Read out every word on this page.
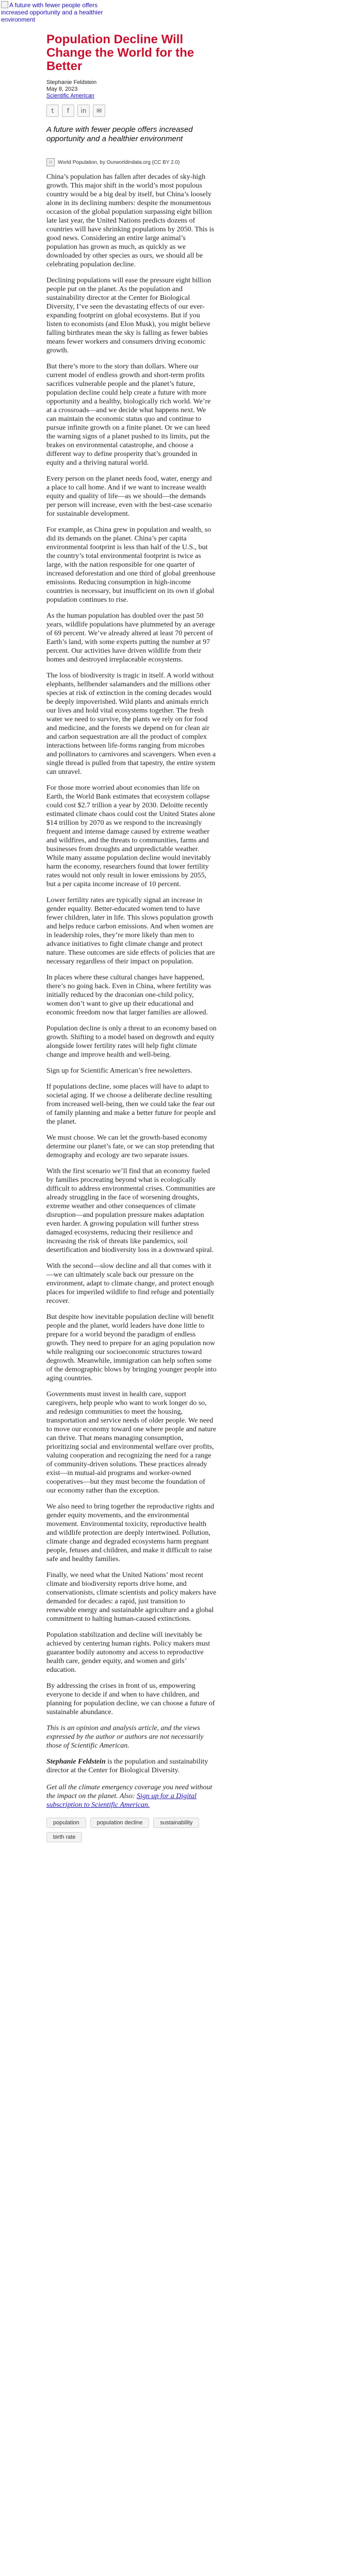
A future with fewer people offers increased opportunity and a healthier environment
Population Decline Will Change the World for the Better
Stephanie Feldstein
May 8, 2023
Scientific American
t	f	in	✉
A future with fewer people offers increased opportunity and a healthier environment
▫	World Population, by Ourworldindata.org (CC BY 2.0)

China’s population has fallen after decades of sky-high growth. This major shift in the world’s most populous country would be a big deal by itself, but China’s loosely alone in its declining numbers: despite the monumentous occasion of the global population surpassing eight billion late last year, the United Nations predicts dozens of countries will have shrinking populations by 2050. This is good news. Considering an entire large animal’s population has grown as much, as quickly as we downloaded by other species as ours, we should all be celebrating population decline.

Declining populations will ease the pressure eight billion people put on the planet. As the population and sustainability director at the Center for Biological Diversity, I’ve seen the devastating effects of our ever-expanding footprint on global ecosystems. But if you listen to economists (and Elon Musk), you might believe falling birthrates mean the sky is falling as fewer babies means fewer workers and consumers driving economic growth.

But there’s more to the story than dollars. Where our current model of endless growth and short-term profits sacrifices vulnerable people and the planet’s future, population decline could help create a future with more opportunity and a healthy, biologically rich world. We’re at a crossroads—and we decide what happens next. We can maintain the economic status quo and continue to pursue infinite growth on a finite planet. Or we can heed the warning signs of a planet pushed to its limits, put the brakes on environmental catastrophe, and choose a different way to define prosperity that’s grounded in equity and a thriving natural world.

Every person on the planet needs food, water, energy and a place to call home. And if we want to increase wealth equity and quality of life—as we should—the demands per person will increase, even with the best-case scenario for sustainable development.

For example, as China grew in population and wealth, so did its demands on the planet. China’s per capita environmental footprint is less than half of the U.S., but the country’s total environmental footprint is twice as large, with the nation responsible for one quarter of increased deforestation and one third of global greenhouse emissions. Reducing consumption in high-income countries is necessary, but insufficient on its own if global population continues to rise.

As the human population has doubled over the past 50 years, wildlife populations have plummeted by an average of 69 percent. We’ve already altered at least 70 percent of Earth’s land, with some experts putting the number at 97 percent. Our activities have driven wildlife from their homes and destroyed irreplaceable ecosystems.

The loss of biodiversity is tragic in itself. A world without elephants, hellbender salamanders and the millions other species at risk of extinction in the coming decades would be deeply impoverished. Wild plants and animals enrich our lives and hold vital ecosystems together. The fresh water we need to survive, the plants we rely on for food and medicine, and the forests we depend on for clean air and carbon sequestration are all the product of complex interactions between life-forms ranging from microbes and pollinators to carnivores and scavengers. When even a single thread is pulled from that tapestry, the entire system can unravel.

For those more worried about economies than life on Earth, the World Bank estimates that ecosystem collapse could cost $2.7 trillion a year by 2030. Deloitte recently estimated climate chaos could cost the United States alone $14 trillion by 2070 as we respond to the increasingly frequent and intense damage caused by extreme weather and wildfires, and the threats to communities, farms and businesses from droughts and unpredictable weather. While many assume population decline would inevitably harm the economy, researchers found that lower fertility rates would not only result in lower emissions by 2055, but a per capita income increase of 10 percent.

Lower fertility rates are typically signal an increase in gender equality. Better-educated women tend to have fewer children, later in life. This slows population growth and helps reduce carbon emissions. And when women are in leadership roles, they’re more likely than men to advance initiatives to fight climate change and protect nature. These outcomes are side effects of policies that are necessary regardless of their impact on population.

In places where these cultural changes have happened, there’s no going back. Even in China, where fertility was initially reduced by the draconian one-child policy, women don’t want to give up their educational and economic freedom now that larger families are allowed.

Population decline is only a threat to an economy based on growth. Shifting to a model based on degrowth and equity alongside lower fertility rates will help fight climate change and improve health and well-being.

Sign up for Scientific American’s free newsletters.

If populations decline, some places will have to adapt to societal aging. If we choose a deliberate decline resulting from increased well-being, then we could take the fear out of family planning and make a better future for people and the planet.

We must choose. We can let the growth-based economy determine our planet’s fate, or we can stop pretending that demography and ecology are two separate issues.

With the first scenario we’ll find that an economy fueled by families procreating beyond what is ecologically difficult to address environmental crises. Communities are already struggling in the face of worsening droughts, extreme weather and other consequences of climate disruption—and population pressure makes adaptation even harder. A growing population will further stress damaged ecosystems, reducing their resilience and increasing the risk of threats like pandemics, soil desertification and biodiversity loss in a downward spiral.

With the second—slow decline and all that comes with it —we can ultimately scale back our pressure on the environment, adapt to climate change, and protect enough places for imperiled wildlife to find refuge and potentially recover.

But despite how inevitable population decline will benefit people and the planet, world leaders have done little to prepare for a world beyond the paradigm of endless growth. They need to prepare for an aging population now while realigning our socioeconomic structures toward degrowth. Meanwhile, immigration can help soften some of the demographic blows by bringing younger people into aging countries.

Governments must invest in health care, support caregivers, help people who want to work longer do so, and redesign communities to meet the housing, transportation and service needs of older people. We need to move our economy toward one where people and nature can thrive. That means managing consumption, prioritizing social and environmental welfare over profits, valuing cooperation and recognizing the need for a range of community-driven solutions. These practices already exist—in mutual-aid programs and worker-owned cooperatives—but they must become the foundation of our economy rather than the exception.

We also need to bring together the reproductive rights and gender equity movements, and the environmental movement. Environmental toxicity, reproductive health and wildlife protection are deeply intertwined. Pollution, climate change and degraded ecosystems harm pregnant people, fetuses and children, and make it difficult to raise safe and healthy families.

Finally, we need what the United Nations’ most recent climate and biodiversity reports drive home, and conservationists, climate scientists and policy makers have demanded for decades: a rapid, just transition to renewable energy and sustainable agriculture and a global commitment to halting human-caused extinctions.

Population stabilization and decline will inevitably be achieved by centering human rights. Policy makers must guarantee bodily autonomy and access to reproductive health care, gender equity, and women and girls’ education.

By addressing the crises in front of us, empowering everyone to decide if and when to have children, and planning for population decline, we can choose a future of sustainable abundance.

This is an opinion and analysis article, and the views expressed by the author or authors are not necessarily those of Scientific American.

Stephanie Feldstein is the population and sustainability director at the Center for Biological Diversity.

Get all the climate emergency coverage you need without the impact on the planet. Also: Sign up for a Digital subscription to Scientific American.

population	population decline	sustainability
birth rate
